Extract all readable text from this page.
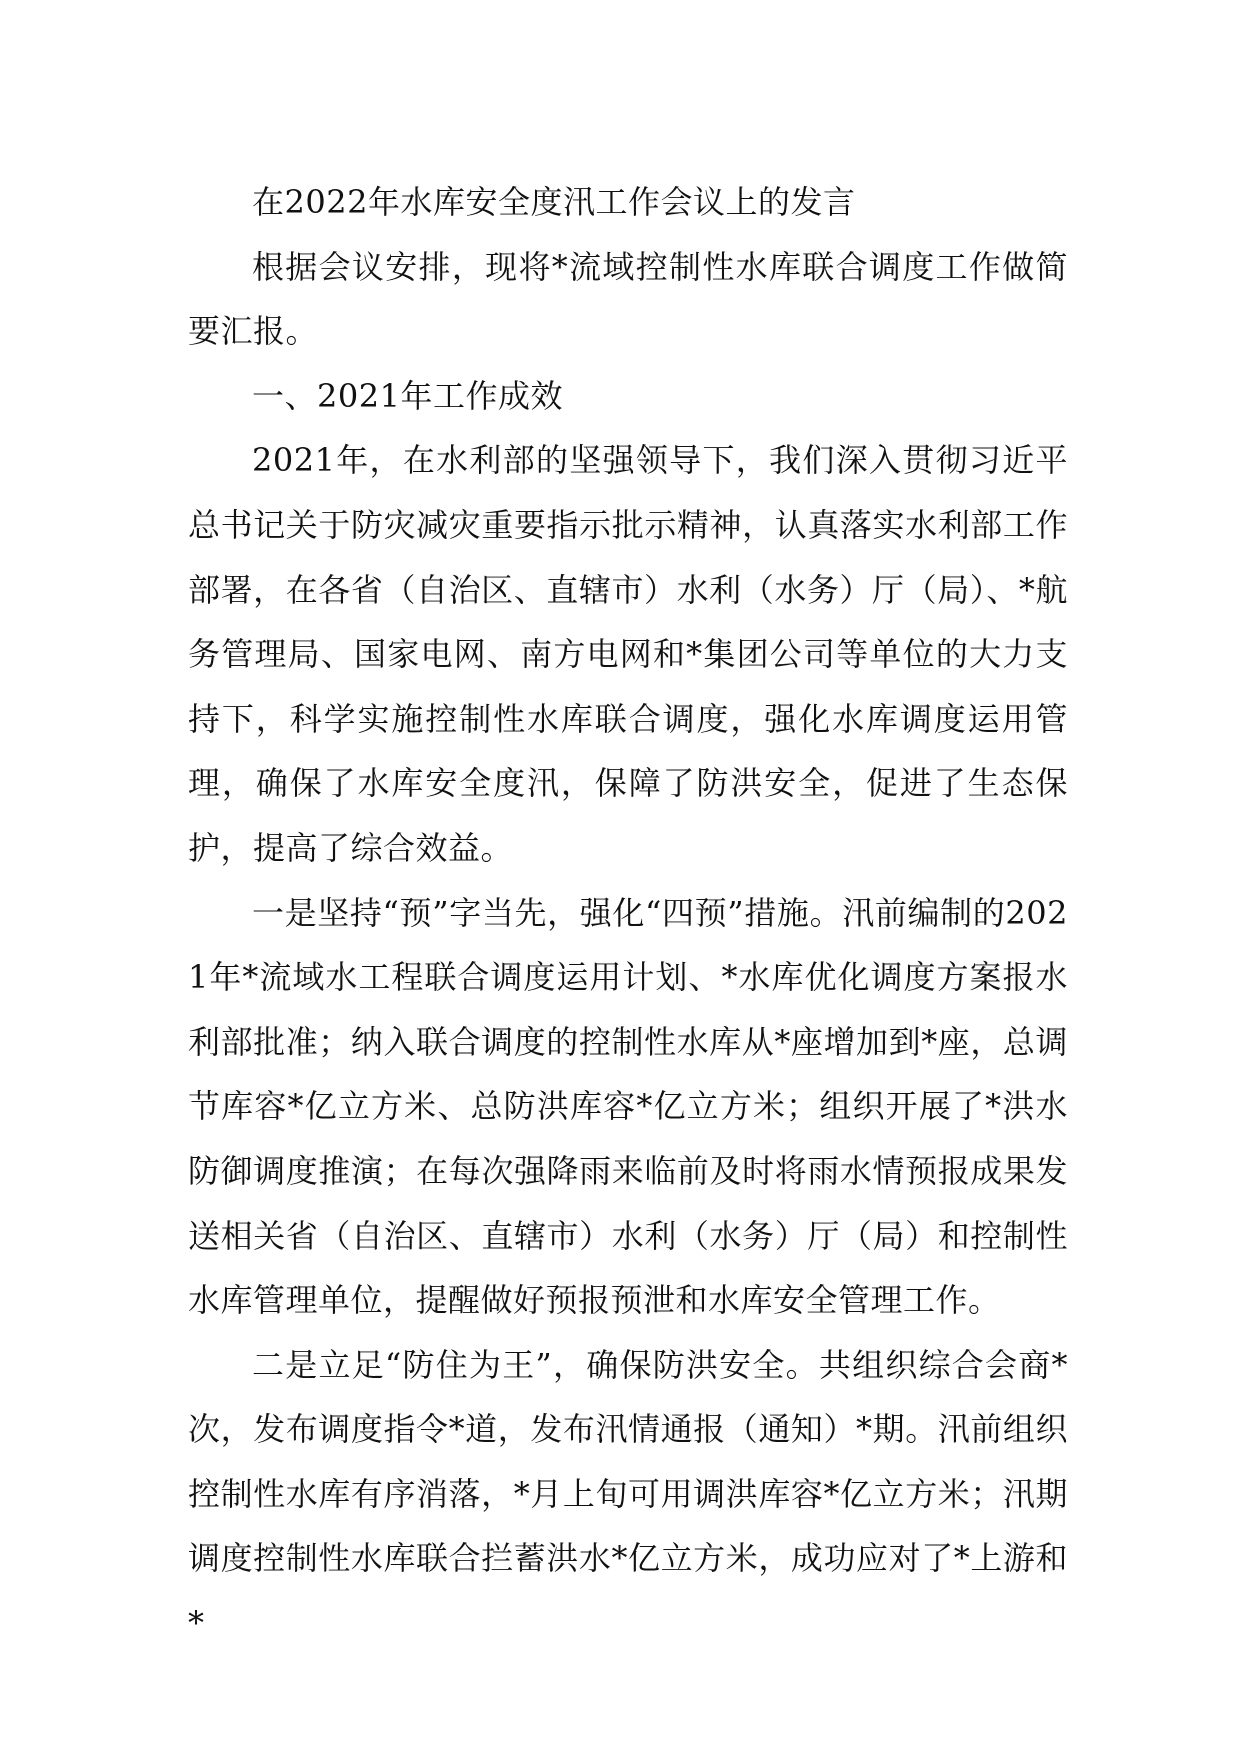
在2022年水库安全度汛工作会议上的发言

根据会议安排，现将*流域控制性水库联合调度工作做简要汇报。

一、2021年工作成效

2021年，在水利部的坚强领导下，我们深入贯彻习近平总书记关于防灾减灾重要指示批示精神，认真落实水利部工作部署，在各省（自治区、直辖市）水利（水务）厅（局）、*航务管理局、国家电网、南方电网和*集团公司等单位的大力支持下，科学实施控制性水库联合调度，强化水库调度运用管理，确保了水库安全度汛，保障了防洪安全，促进了生态保护，提高了综合效益。

一是坚持“预”字当先，强化“四预”措施。汛前编制的2021年*流域水工程联合调度运用计划、*水库优化调度方案报水利部批准；纳入联合调度的控制性水库从*座增加到*座，总调节库容*亿立方米、总防洪库容*亿立方米；组织开展了*洪水防御调度推演；在每次强降雨来临前及时将雨水情预报成果发送相关省（自治区、直辖市）水利（水务）厅（局）和控制性水库管理单位，提醒做好预报预泄和水库安全管理工作。

二是立足“防住为王”，确保防洪安全。共组织综合会商*次，发布调度指令*道，发布汛情通报（通知）*期。汛前组织控制性水库有序消落，*月上旬可用调洪库容*亿立方米；汛期调度控制性水库联合拦蓄洪水*亿立方米，成功应对了*上游和*
